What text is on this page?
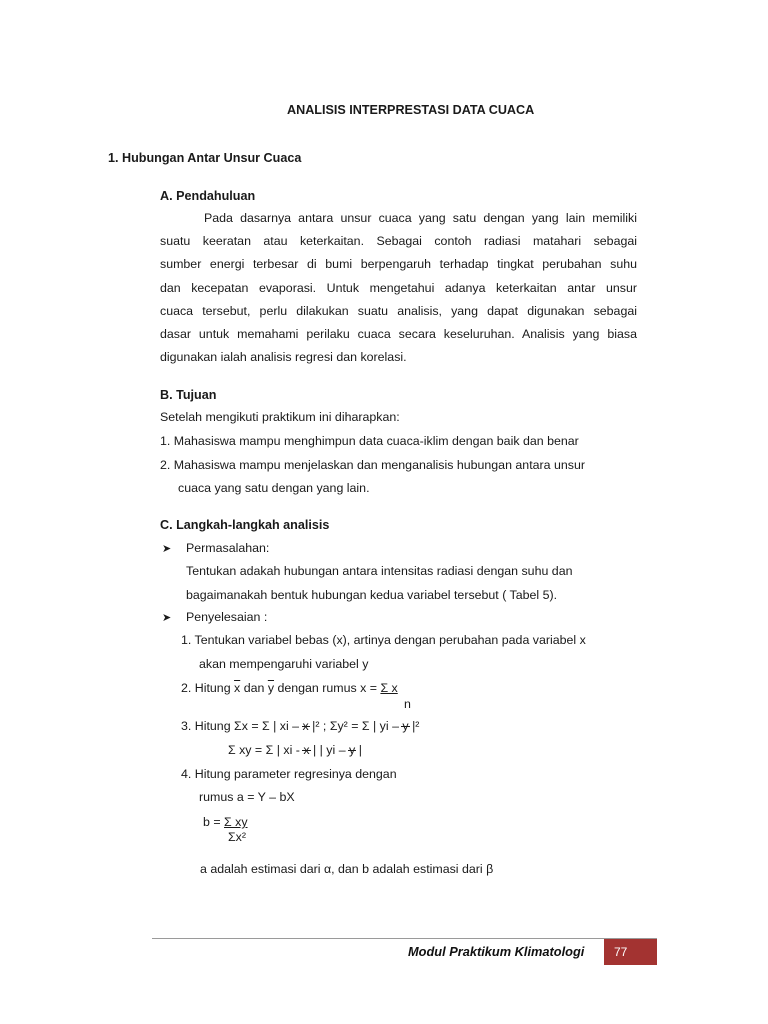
ANALISIS INTERPRESTASI DATA CUACA
1. Hubungan Antar Unsur Cuaca
A. Pendahuluan
Pada dasarnya antara unsur cuaca yang satu dengan yang lain memiliki
suatu keeratan atau keterkaitan. Sebagai contoh radiasi matahari sebagai
sumber energi terbesar di bumi berpengaruh terhadap tingkat perubahan suhu
dan kecepatan evaporasi. Untuk mengetahui adanya keterkaitan antar unsur
cuaca tersebut, perlu dilakukan suatu analisis, yang dapat digunakan sebagai
dasar untuk memahami perilaku cuaca secara keseluruhan. Analisis yang biasa
digunakan ialah analisis regresi dan korelasi.
B. Tujuan
Setelah mengikuti praktikum ini diharapkan:
1. Mahasiswa mampu menghimpun data cuaca-iklim dengan baik dan benar
2. Mahasiswa mampu menjelaskan dan menganalisis hubungan antara unsur
cuaca yang satu dengan yang lain.
C. Langkah-langkah analisis
➤ Permasalahan:
Tentukan adakah hubungan antara intensitas radiasi dengan suhu dan
bagaimanakah bentuk hubungan kedua variabel tersebut ( Tabel 5).
➤ Penyelesaian :
1. Tentukan variabel bebas (x), artinya dengan perubahan pada variabel x
akan mempengaruhi variabel y
2. Hitung $\overline{x}$ dan $\overline{y}$ dengan rumus x = Σ x
n
3. Hitung Σx = Σ | xi – x |² ; Σy² = Σ | yi – y |²
Σ xy = Σ | xi - x | | yi – y |
4. Hitung parameter regresinya dengan
rumus a = Y – bX
b = Σ xy
Σx²
a adalah estimasi dari α, dan b adalah estimasi dari β
Modul Praktikum Klimatologi	77
